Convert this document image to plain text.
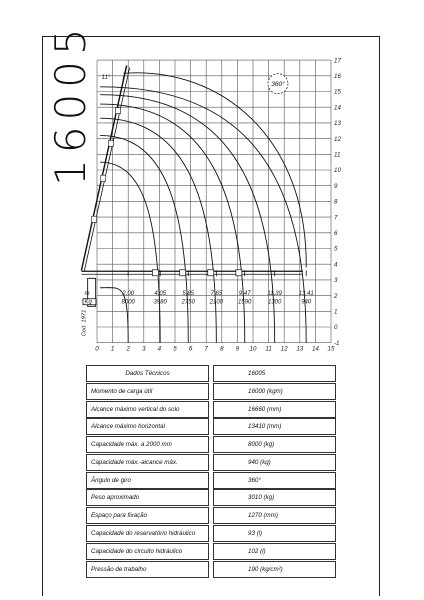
16005
0 1 2 3 4 5 6 7 8 9 10 11 12 13 14 15
-1
0
1
2
3
4
5
6
7
8
9
10
11
12
13
14
15
16
17
11°
m
Kg
2,00
8000
4,05
3980
5,85
2750
7,65
2100
9,47
1590
11,39
1300
13,41
940
360°
Cod. 1971
Dados Técnicos	16005
Momento de carga útil	16000 (kgm)
Alcance máximo vertical do solo	16660 (mm)
Alcance máximo horizontal	13410 (mm)
Capacidade máx. a 2000 mm	8000 (kg)
Capacidade máx.-alcance máx.	940 (kg)
Ângulo de giro	360°
Peso aproximado	3010 (kg)
Espaço para fixação	1270 (mm)
Capacidade do reservatório hidráulico	93 (l)
Capacidade do circuito hidráulico	102 (l)
Pressão de trabalho	190 (kg/cm²)
